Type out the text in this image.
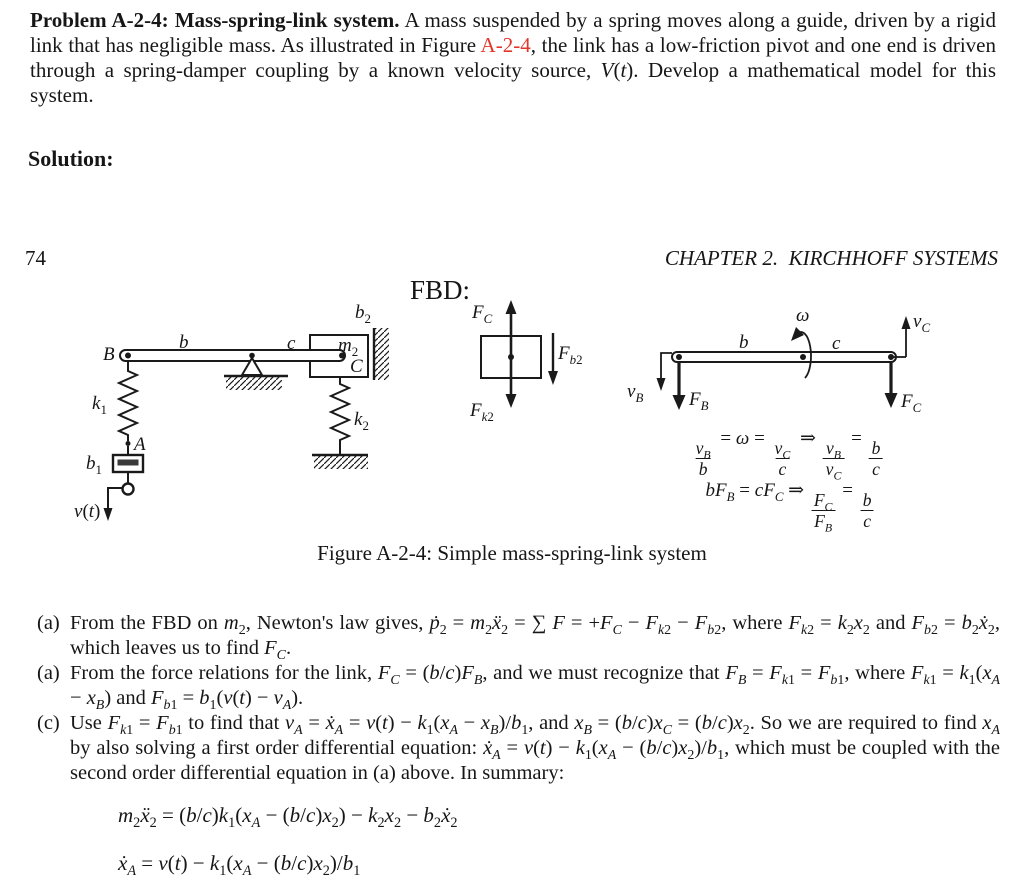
Problem A-2-4: Mass-spring-link system. A mass suspended by a spring moves along a guide, driven by a rigid link that has negligible mass. As illustrated in Figure A-2-4, the link has a low-friction pivot and one end is driven through a spring-damper coupling by a known velocity source, V(t). Develop a mathematical model for this system.

Solution:
74	CHAPTER 2. KIRCHHOFF SYSTEMS
FBD:
B
b	c $m_2$
C
$b_2$
$k_1$
A
$b_1$
v(t)
$k_2$
$F_C$
$F_{b2}$
$F_{k2}$
ω
b	c
$v_C$
$v_B$ $F_B$	$F_C$
$\frac{v_B}{b}$
= ω =
$\frac{v_C}{c}$
⇒
$\frac{v_B}{v_C}$
=
$\frac{b}{c}$
$bF_B = cF_C$ ⇒
$\frac{F_C}{F_B}$
=
$\frac{b}{c}$
Figure A-2-4: Simple mass-spring-link system
(a) From the FBD on $m_2$, Newton's law gives, ṗ$_2$ = $m_2ẍ_2$ = ∑ $F = +F_C - F_{k2} - F_{b2}$, where $F_{k2} = k_2x_2$ and $F_{b2}$ = $b_2ẋ_2$, which leaves us to find $F_C$.
(a) From the force relations for the link, $F_C = (b/c)F_B$, and we must recognize that $F_B = F_{k1} = F_{b1}$, where $F_{k1} = k_1(x_A - x_B)$ and $F_{b1} = b_1(v(t) - v_A)$.
(c) Use $F_{k1} = F_{b1}$ to find that $v_A$ = ẋ$_A$ = $v(t) - k_1(x_A - x_B)/b_1$, and $x_B = (b/c)x_C = (b/c)x_2$. So we are required to find $x_A$ by also solving a first order differential equation: ẋ$_A$ = $v(t) - k_1(x_A - (b/c)x_2)/b_1$, which must be coupled with the second order differential equation in (a) above. In summary:
$m_2ẍ_2 = (b/c)k_1(x_A - (b/c)x_2) - k_2x_2$ − $b_2ẋ_2$
ẋ$_A$ = $v(t) - k_1(x_A - (b/c)x_2)/b_1$
